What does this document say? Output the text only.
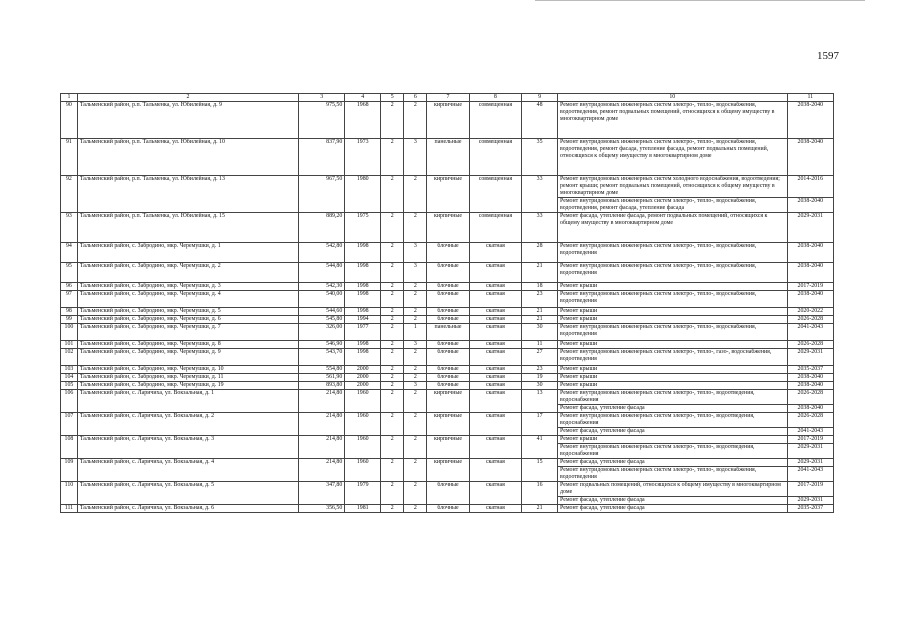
1597
1	2	3	4	5	6	7	8	9	10	11
90	Тальменский район, р.п. Тальменка, ул. Юбилейная, д. 9	975,50	1968	2	2	кирпичные	совмещенная	48	Ремонт внутридомовых инженерных систем электро-, тепло-, водоснабжения, водоотведения, ремонт подвальных помещений, относящихся к общему имуществу в многоквартирном доме	2038-2040
91	Тальменский район, р.п. Тальменка, ул. Юбилейная, д. 10	837,90	1973	2	3	панельные	совмещенная	35	Ремонт внутридомовых инженерных систем электро-, тепло-, водоснабжения, водоотведения, ремонт фасада, утепление фасада, ремонт подвальных помещений, относящихся к общему имуществу в многоквартирном доме	2038-2040
92	Тальменский район, р.п. Тальменка, ул. Юбилейная, д. 13	967,50	1980	2	2	кирпичные	совмещенная	33	Ремонт внутридомовых инженерных систем холодного водоснабжения, водоотведения; ремонт крыши; ремонт подвальных помещений, относящихся к общему имуществу в многоквартирном доме	2014-2016
									Ремонт внутридомовых инженерных систем электро-, тепло-, водоснабжения, водоотведения, ремонт фасада, утепление фасада	2038-2040
93	Тальменский район, р.п. Тальменка, ул. Юбилейная, д. 15	889,20	1975	2	2	кирпичные	совмещенная	33	Ремонт фасада, утепление фасада, ремонт подвальных помещений, относящихся к общему имуществу в многоквартирном доме	2029-2031
94	Тальменский район, с. Забродино, мкр. Черемушки, д. 1	542,80	1998	2	3	блочные	скатная	28	Ремонт внутридомовых инженерных систем электро-, тепло-, водоснабжения, водоотведения	2038-2040
95	Тальменский район, с. Забродино, мкр. Черемушки, д. 2	544,80	1998	2	3	блочные	скатная	21	Ремонт внутридомовых инженерных систем электро-, тепло-, водоснабжения, водоотведения	2038-2040
96	Тальменский район, с. Забродино, мкр. Черемушки, д. 3	542,30	1998	2	2	блочные	скатная	18	Ремонт крыши	2017-2019
97	Тальменский район, с. Забродино, мкр. Черемушки, д. 4	540,00	1998	2	2	блочные	скатная	23	Ремонт внутридомовых инженерных систем электро-, тепло-, водоснабжения, водоотведения	2038-2040
98	Тальменский район, с. Забродино, мкр. Черемушки, д. 5	544,60	1998	2	2	блочные	скатная	21	Ремонт крыши	2020-2022
99	Тальменский район, с. Забродино, мкр. Черемушки, д. 6	545,80	1994	2	2	блочные	скатная	21	Ремонт крыши	2026-2028
100	Тальменский район, с. Забродино, мкр. Черемушки, д. 7	326,00	1977	2	1	панельные	скатная	30	Ремонт внутридомовых инженерных систем электро-, тепло-, водоснабжения, водоотведения	2041-2043
101	Тальменский район, с. Забродино, мкр. Черемушки, д. 8	546,90	1998	2	3	блочные	скатная	11	Ремонт крыши	2026-2028
102	Тальменский район, с. Забродино, мкр. Черемушки, д. 9	543,70	1998	2	2	блочные	скатная	27	Ремонт внутридомовых инженерных систем электро-, тепло-, газо-, водоснабжения, водоотведения	2029-2031
103	Тальменский район, с. Забродино, мкр. Черемушки, д. 10	554,80	2000	2	2	блочные	скатная	23	Ремонт крыши	2035-2037
104	Тальменский район, с. Забродино, мкр. Черемушки, д. 11	561,90	2000	2	2	блочные	скатная	19	Ремонт крыши	2038-2040
105	Тальменский район, с. Забродино, мкр. Черемушки, д. 19	893,80	2000	2	3	блочные	скатная	30	Ремонт крыши	2038-2040
106	Тальменский район, с. Ларичиха, ул. Вокзальная, д. 1	214,80	1960	2	2	кирпичные	скатная	13	Ремонт внутридомовых инженерных систем электро-, тепло-, водоотведения, водоснабжения	2026-2028
									Ремонт фасада, утепление фасада	2038-2040
107	Тальменский район, с. Ларичиха, ул. Вокзальная, д. 2	214,80	1960	2	2	кирпичные	скатная	17	Ремонт внутридомовых инженерных систем электро-, тепло-, водоотведения, водоснабжения	2026-2028
									Ремонт фасада, утепление фасада	2041-2043
108	Тальменский район, с. Ларичиха, ул. Вокзальная, д. 3	214,80	1960	2	2	кирпичные	скатная	41	Ремонт крыши	2017-2019
									Ремонт внутридомовых инженерных систем электро-, тепло-, водоотведения, водоснабжения	2029-2031
109	Тальменский район, с. Ларичиха, ул. Вокзальная, д. 4	214,80	1960	2	2	кирпичные	скатная	15	Ремонт фасада, утепление фасада	2029-2031
									Ремонт внутридомовых инженерных систем электро-, тепло-, водоснабжения, водоотведения	2041-2043
110	Тальменский район, с. Ларичиха, ул. Вокзальная, д. 5	347,80	1979	2	2	блочные	скатная	16	Ремонт подвальных помещений, относящихся к общему имуществу в многоквартирном доме	2017-2019
									Ремонт фасада, утепление фасада	2029-2031
111	Тальменский район, с. Ларичиха, ул. Вокзальная, д. 6	356,50	1981	2	2	блочные	скатная	21	Ремонт фасада, утепление фасада	2035-2037
